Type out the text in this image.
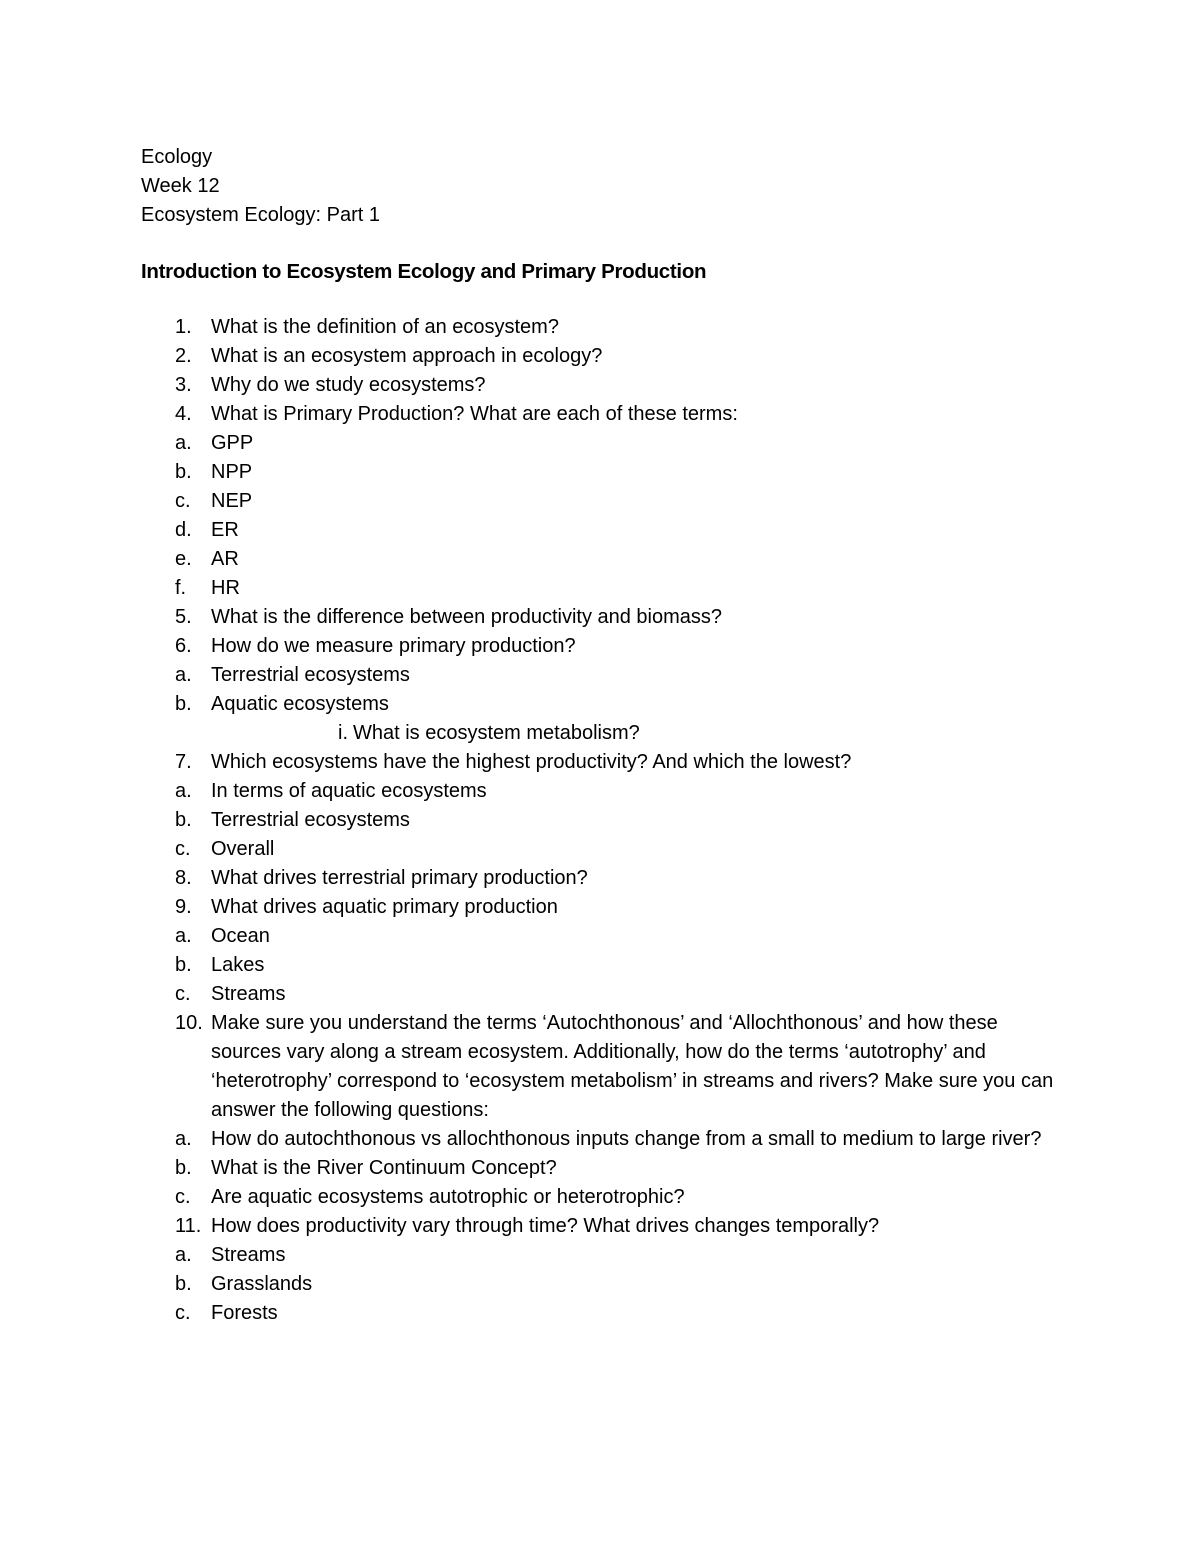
Ecology
Week 12
Ecosystem Ecology: Part 1
Introduction to Ecosystem Ecology and Primary Production
1. What is the definition of an ecosystem?
2. What is an ecosystem approach in ecology?
3. Why do we study ecosystems?
4. What is Primary Production? What are each of these terms:
a. GPP
b. NPP
c. NEP
d. ER
e. AR
f. HR
5. What is the difference between productivity and biomass?
6. How do we measure primary production?
a. Terrestrial ecosystems
b. Aquatic ecosystems
i. What is ecosystem metabolism?
7. Which ecosystems have the highest productivity? And which the lowest?
a. In terms of aquatic ecosystems
b. Terrestrial ecosystems
c. Overall
8. What drives terrestrial primary production?
9. What drives aquatic primary production
a. Ocean
b. Lakes
c. Streams
10. Make sure you understand the terms ‘Autochthonous’ and ‘Allochthonous’ and how these sources vary along a stream ecosystem. Additionally, how do the terms ‘autotrophy’ and ‘heterotrophy’ correspond to ‘ecosystem metabolism’ in streams and rivers? Make sure you can answer the following questions:
a. How do autochthonous vs allochthonous inputs change from a small to medium to large river?
b. What is the River Continuum Concept?
c. Are aquatic ecosystems autotrophic or heterotrophic?
11. How does productivity vary through time? What drives changes temporally?
a. Streams
b. Grasslands
c. Forests
